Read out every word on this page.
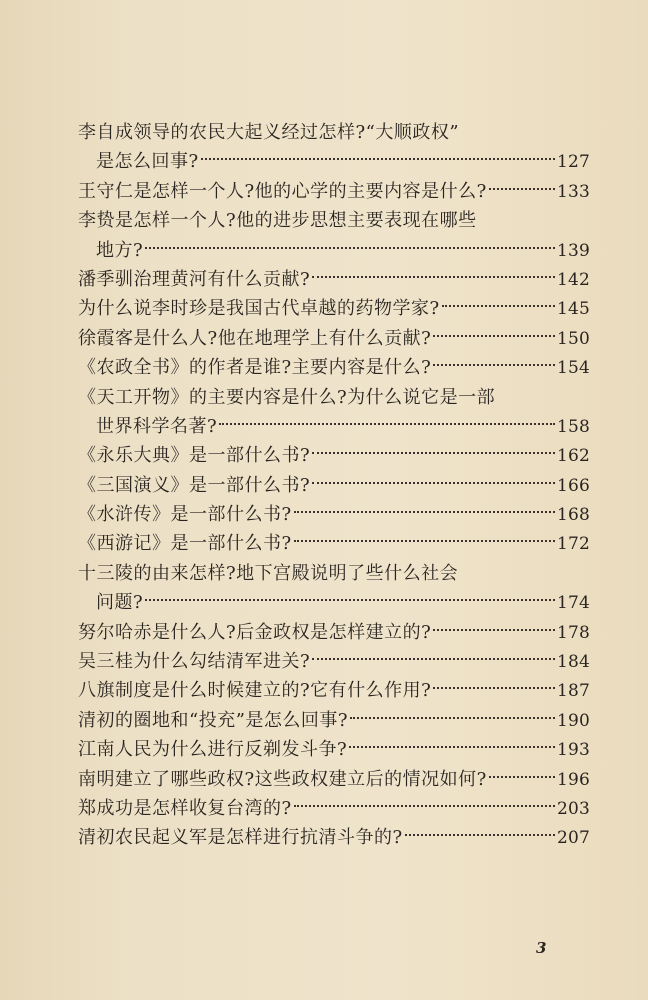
李自成领导的农民大起义经过怎样?“大顺政权”
是怎么回事?	127
王守仁是怎样一个人?他的心学的主要内容是什么?	133
李贽是怎样一个人?他的进步思想主要表现在哪些
地方?	139
潘季驯治理黄河有什么贡献?	142
为什么说李时珍是我国古代卓越的药物学家?	145
徐霞客是什么人?他在地理学上有什么贡献?	150
《农政全书》的作者是谁?主要内容是什么?	154
《天工开物》的主要内容是什么?为什么说它是一部
世界科学名著?	158
《永乐大典》是一部什么书?	162
《三国演义》是一部什么书?	166
《水浒传》是一部什么书?	168
《西游记》是一部什么书?	172
十三陵的由来怎样?地下宫殿说明了些什么社会
问题?	174
努尔哈赤是什么人?后金政权是怎样建立的?	178
吴三桂为什么勾结清军进关?	184
八旗制度是什么时候建立的?它有什么作用?	187
清初的圈地和“投充”是怎么回事?	190
江南人民为什么进行反剃发斗争?	193
南明建立了哪些政权?这些政权建立后的情况如何?	196
郑成功是怎样收复台湾的?	203
清初农民起义军是怎样进行抗清斗争的?	207
3
